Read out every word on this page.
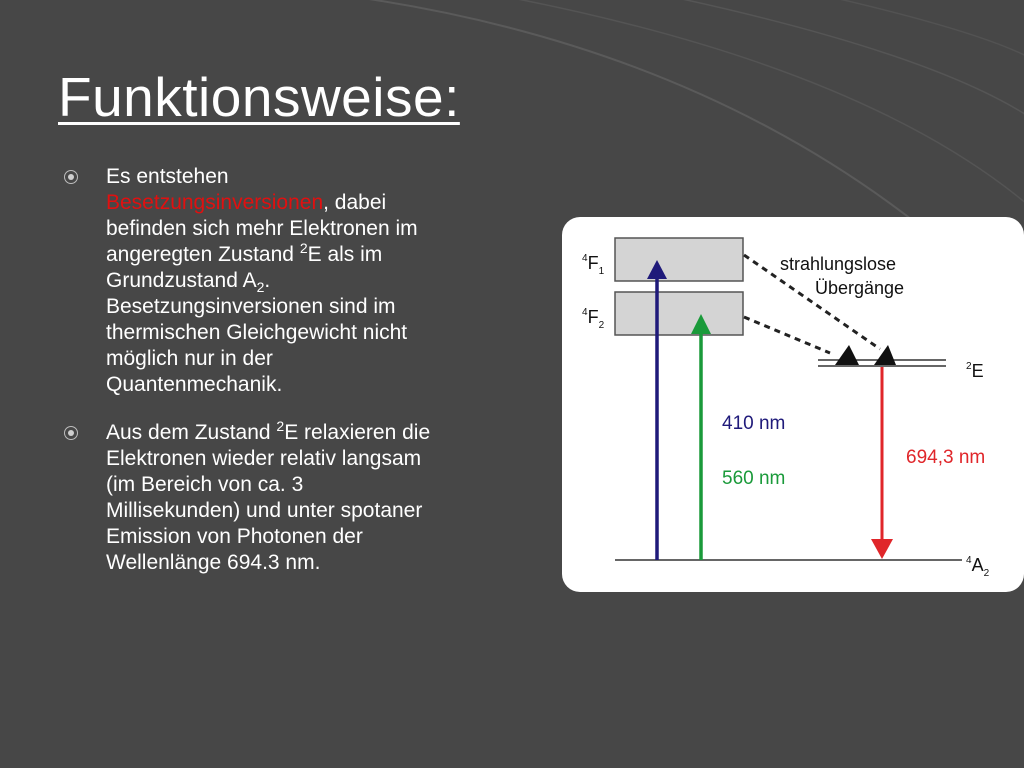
Funktionsweise:
Es entstehen Besetzungsinversionen, dabei befinden sich mehr Elektronen im angeregten Zustand $^2$E als im Grundzustand $A_2$. Besetzungsinversionen sind im thermischen Gleichgewicht nicht möglich nur in der Quantenmechanik.
Aus dem Zustand $^2$E relaxieren die Elektronen wieder relativ langsam (im Bereich von ca. 3 Millisekunden) und unter spotaner Emission von Photonen der Wellenlänge 694.3 nm.
$^4F_1$
$^4F_2$
$^2$E
$^4A_2$
strahlungslose
Übergänge
410 nm
560 nm
694,3 nm
